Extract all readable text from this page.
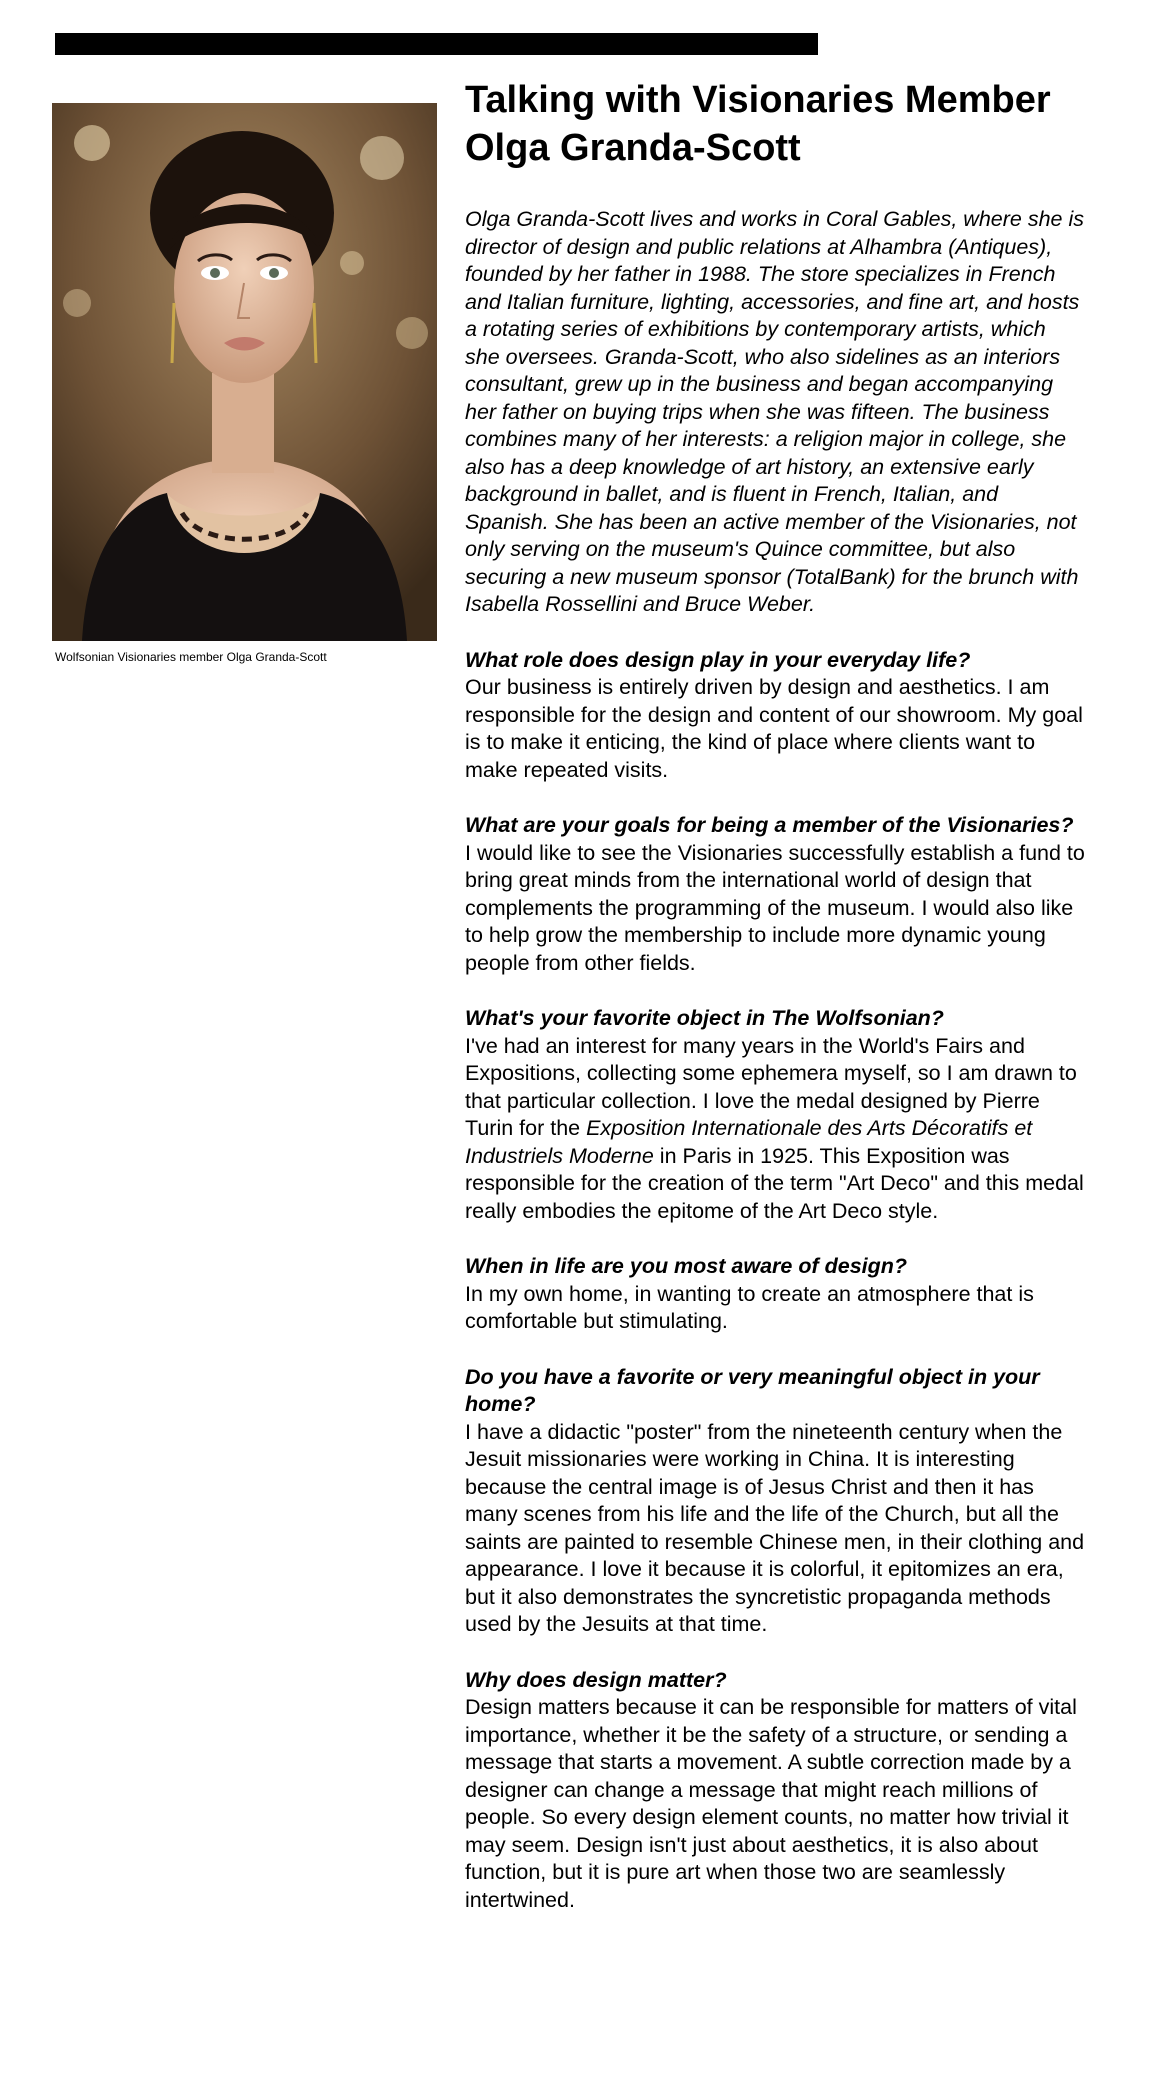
Wolfsonian Visionaries member Olga Granda-Scott
Talking with Visionaries Member Olga Granda-Scott

Olga Granda-Scott lives and works in Coral Gables, where she is director of design and public relations at Alhambra (Antiques), founded by her father in 1988. The store specializes in French and Italian furniture, lighting, accessories, and fine art, and hosts a rotating series of exhibitions by contemporary artists, which she oversees. Granda-Scott, who also sidelines as an interiors consultant, grew up in the business and began accompanying her father on buying trips when she was fifteen. The business combines many of her interests: a religion major in college, she also has a deep knowledge of art history, an extensive early background in ballet, and is fluent in French, Italian, and Spanish. She has been an active member of the Visionaries, not only serving on the museum's Quince committee, but also securing a new museum sponsor (TotalBank) for the brunch with Isabella Rossellini and Bruce Weber.

What role does design play in your everyday life?

Our business is entirely driven by design and aesthetics. I am responsible for the design and content of our showroom. My goal is to make it enticing, the kind of place where clients want to make repeated visits.

What are your goals for being a member of the Visionaries?

I would like to see the Visionaries successfully establish a fund to bring great minds from the international world of design that complements the programming of the museum. I would also like to help grow the membership to include more dynamic young people from other fields.

What's your favorite object in The Wolfsonian?

I've had an interest for many years in the World's Fairs and Expositions, collecting some ephemera myself, so I am drawn to that particular collection. I love the medal designed by Pierre Turin for the Exposition Internationale des Arts Décoratifs et Industriels Moderne in Paris in 1925. This Exposition was responsible for the creation of the term "Art Deco" and this medal really embodies the epitome of the Art Deco style.

When in life are you most aware of design?

In my own home, in wanting to create an atmosphere that is comfortable but stimulating.

Do you have a favorite or very meaningful object in your home?

I have a didactic "poster" from the nineteenth century when the Jesuit missionaries were working in China. It is interesting because the central image is of Jesus Christ and then it has many scenes from his life and the life of the Church, but all the saints are painted to resemble Chinese men, in their clothing and appearance. I love it because it is colorful, it epitomizes an era, but it also demonstrates the syncretistic propaganda methods used by the Jesuits at that time.

Why does design matter?

Design matters because it can be responsible for matters of vital importance, whether it be the safety of a structure, or sending a message that starts a movement. A subtle correction made by a designer can change a message that might reach millions of people. So every design element counts, no matter how trivial it may seem. Design isn't just about aesthetics, it is also about function, but it is pure art when those two are seamlessly intertwined.
